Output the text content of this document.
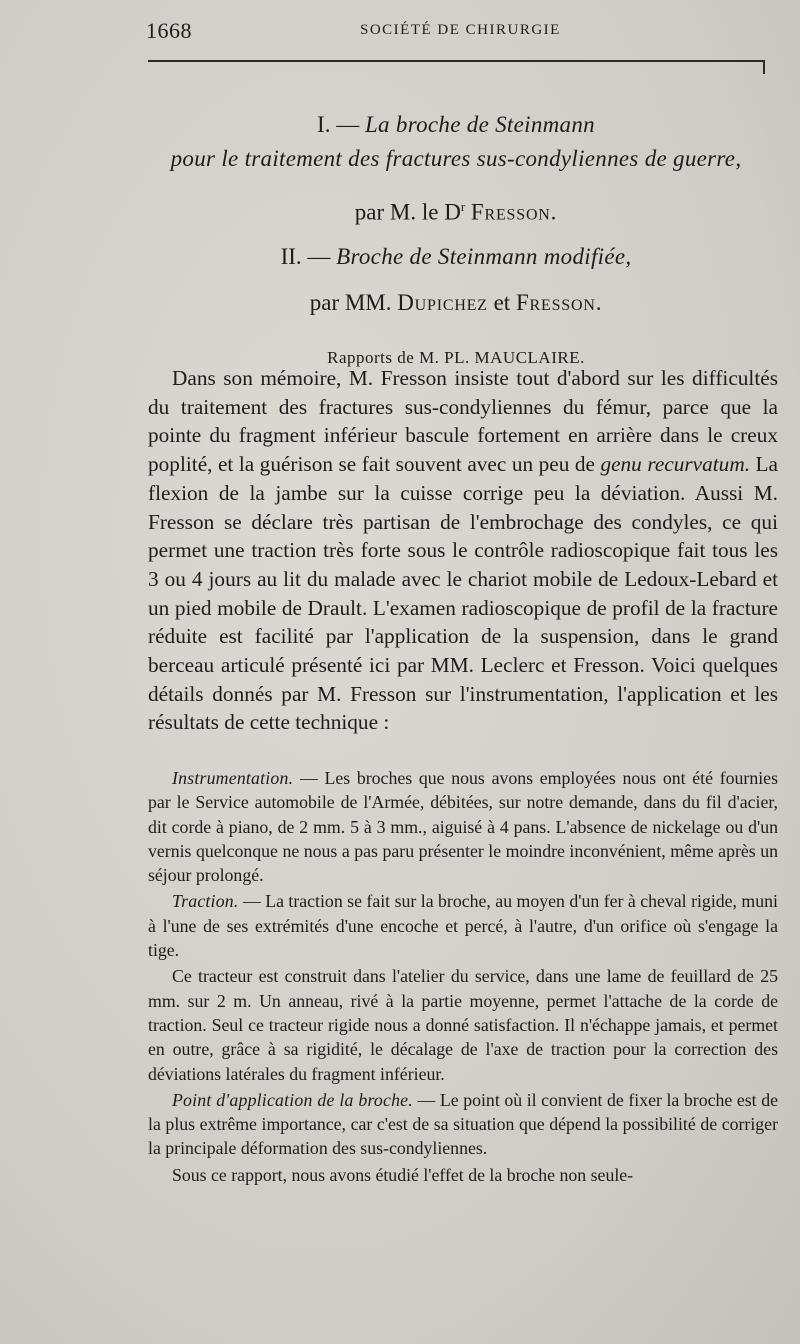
1668	SOCIÉTÉ DE CHIRURGIE
I. — La broche de Steinmann
pour le traitement des fractures sus-condyliennes de guerre,
par M. le $D^r$ Fresson.
II. — Broche de Steinmann modifiée,
par MM. Dupichez et Fresson.
Rapports de M. PL. MAUCLAIRE.

Dans son mémoire, M. Fresson insiste tout d'abord sur les difficultés du traitement des fractures sus-condyliennes du fémur, parce que la pointe du fragment inférieur bascule fortement en arrière dans le creux poplité, et la guérison se fait souvent avec un peu de genu recurvatum. La flexion de la jambe sur la cuisse corrige peu la déviation. Aussi M. Fresson se déclare très partisan de l'embrochage des condyles, ce qui permet une traction très forte sous le contrôle radioscopique fait tous les 3 ou 4 jours au lit du malade avec le chariot mobile de Ledoux-Lebard et un pied mobile de Drault. L'examen radioscopique de profil de la fracture réduite est facilité par l'application de la suspension, dans le grand berceau articulé présenté ici par MM. Leclerc et Fresson. Voici quelques détails donnés par M. Fresson sur l'instrumentation, l'application et les résultats de cette technique :

Instrumentation. — Les broches que nous avons employées nous ont été fournies par le Service automobile de l'Armée, débitées, sur notre demande, dans du fil d'acier, dit corde à piano, de 2 mm. 5 à 3 mm., aiguisé à 4 pans. L'absence de nickelage ou d'un vernis quelconque ne nous a pas paru présenter le moindre inconvénient, même après un séjour prolongé.

Traction. — La traction se fait sur la broche, au moyen d'un fer à cheval rigide, muni à l'une de ses extrémités d'une encoche et percé, à l'autre, d'un orifice où s'engage la tige.

Ce tracteur est construit dans l'atelier du service, dans une lame de feuillard de 25 mm. sur 2 m. Un anneau, rivé à la partie moyenne, permet l'attache de la corde de traction. Seul ce tracteur rigide nous a donné satisfaction. Il n'échappe jamais, et permet en outre, grâce à sa rigidité, le décalage de l'axe de traction pour la correction des déviations latérales du fragment inférieur.

Point d'application de la broche. — Le point où il convient de fixer la broche est de la plus extrême importance, car c'est de sa situation que dépend la possibilité de corriger la principale déformation des sus-condyliennes.

Sous ce rapport, nous avons étudié l'effet de la broche non seule-
